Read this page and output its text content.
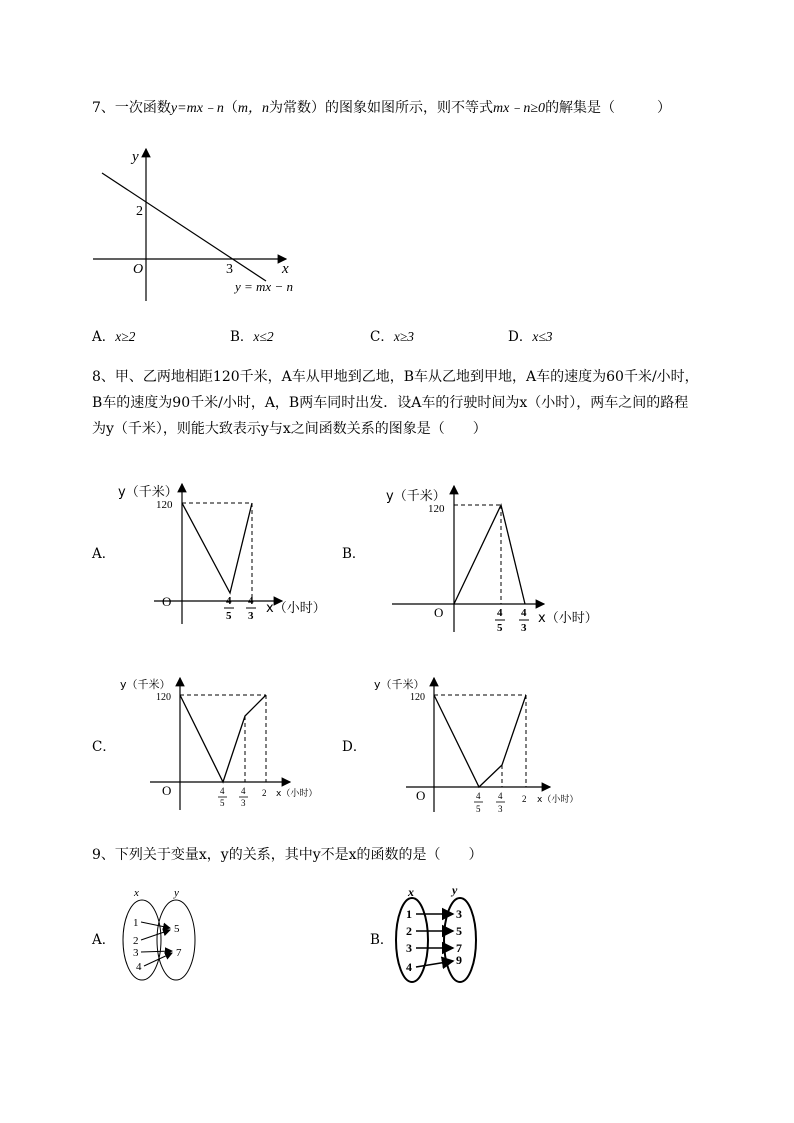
7、一次函数y=mx﹣n（m，n为常数）的图象如图所示，则不等式mx﹣n≥0的解集是（　　　）
y
x
O
2
3
y = mx − n
A．x≥2	B．x≤2	C．x≥3	D．x≤3
8、甲、乙两地相距120千米，A车从甲地到乙地，B车从乙地到甲地，A车的速度为60千米/小时，
B车的速度为90千米/小时，A，B两车同时出发．设A车的行驶时间为x（小时），两车之间的路程
为y（千米），则能大致表示y与x之间函数关系的图象是（　　）
A．
y（千米）
120
O	4
5
4
3 x（小时）
B．
y（千米）
120
O	4
5
4
3
x（小时）
C．
y（千米）
120
O	4
5
4
3
2 x（小时）
D．
y（千米）
120
O	4
5
4
3
2 x（小时）
9、下列关于变量x，y的关系，其中y不是x的函数的是（　　）
A．
x	y
1
2
3
4
5
7
B．
x	y
1
2
3
4
3
5
7
9
